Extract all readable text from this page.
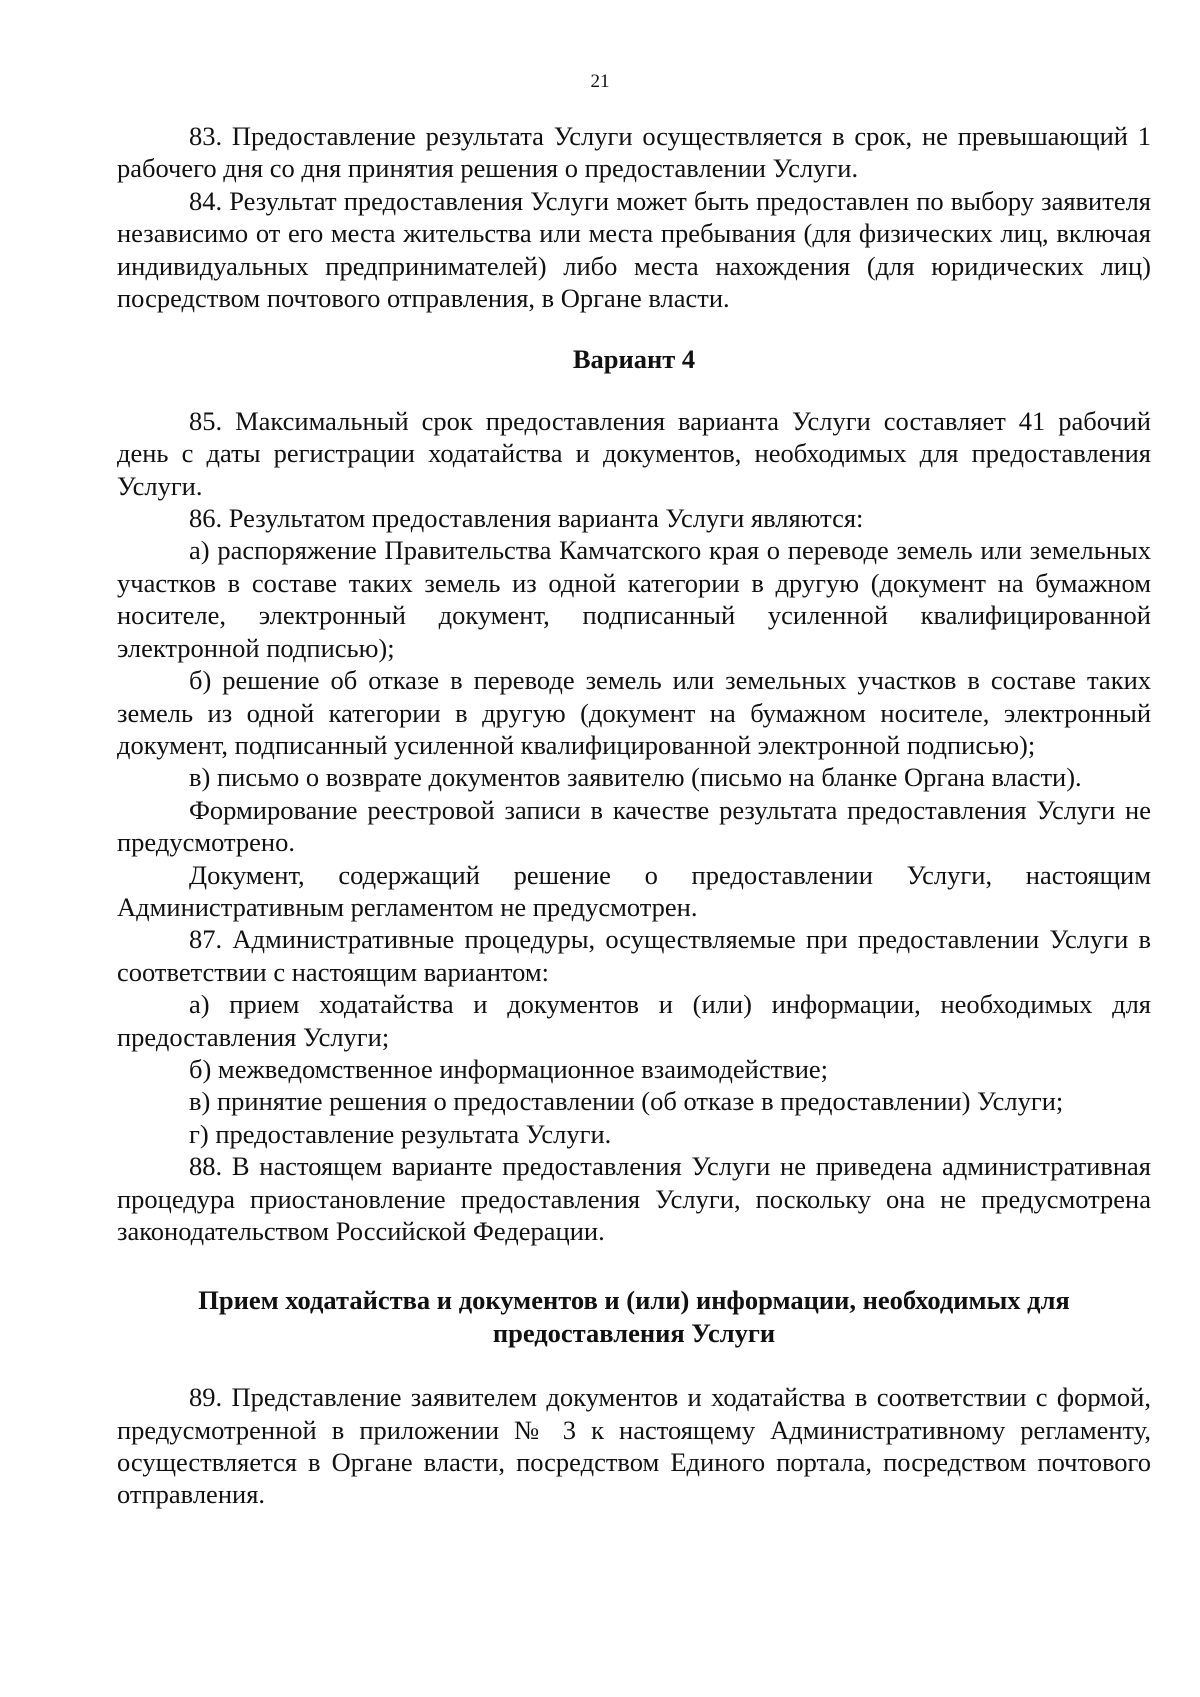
21

83. Предоставление результата Услуги осуществляется в срок, не превышающий 1 рабочего дня со дня принятия решения о предоставлении Услуги.

84. Результат предоставления Услуги может быть предоставлен по выбору заявителя независимо от его места жительства или места пребывания (для физических лиц, включая индивидуальных предпринимателей) либо места нахождения (для юридических лиц) посредством почтового отправления, в Органе власти.

Вариант 4

85. Максимальный срок предоставления варианта Услуги составляет 41 рабочий день с даты регистрации ходатайства и документов, необходимых для предоставления Услуги.

86. Результатом предоставления варианта Услуги являются:

а) распоряжение Правительства Камчатского края о переводе земель или земельных участков в составе таких земель из одной категории в другую (документ на бумажном носителе, электронный документ, подписанный усиленной квалифицированной электронной подписью);

б) решение об отказе в переводе земель или земельных участков в составе таких земель из одной категории в другую (документ на бумажном носителе, электронный документ, подписанный усиленной квалифицированной электронной подписью);

в) письмо о возврате документов заявителю (письмо на бланке Органа власти).

Формирование реестровой записи в качестве результата предоставления Услуги не предусмотрено.

Документ, содержащий решение о предоставлении Услуги, настоящим Административным регламентом не предусмотрен.

87. Административные процедуры, осуществляемые при предоставлении Услуги в соответствии с настоящим вариантом:

а) прием ходатайства и документов и (или) информации, необходимых для предоставления Услуги;

б) межведомственное информационное взаимодействие;

в) принятие решения о предоставлении (об отказе в предоставлении) Услуги;

г) предоставление результата Услуги.

88. В настоящем варианте предоставления Услуги не приведена административная процедура приостановление предоставления Услуги, поскольку она не предусмотрена законодательством Российской Федерации.

Прием ходатайства и документов и (или) информации, необходимых для предоставления Услуги

89. Представление заявителем документов и ходатайства в соответствии с формой, предусмотренной в приложении № 3 к настоящему Административному регламенту, осуществляется в Органе власти, посредством Единого портала, посредством почтового отправления.
